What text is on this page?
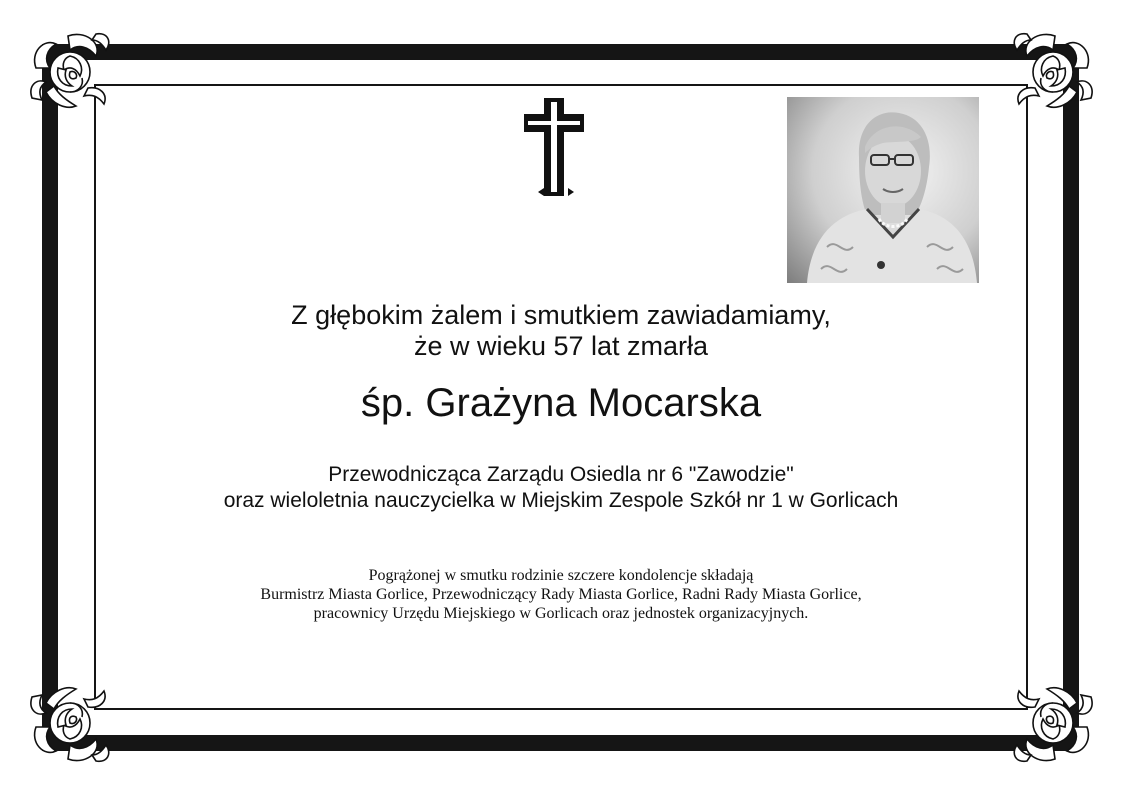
Z głębokim żalem i smutkiem zawiadamiamy,
że w wieku 57 lat zmarła
śp. Grażyna Mocarska
Przewodnicząca Zarządu Osiedla nr 6 "Zawodzie"
oraz wieloletnia nauczycielka w Miejskim Zespole Szkół nr 1 w Gorlicach
Pogrążonej w smutku rodzinie szczere kondolencje składają
Burmistrz Miasta Gorlice, Przewodniczący Rady Miasta Gorlice, Radni Rady Miasta Gorlice,
pracownicy Urzędu Miejskiego w Gorlicach oraz jednostek organizacyjnych.
